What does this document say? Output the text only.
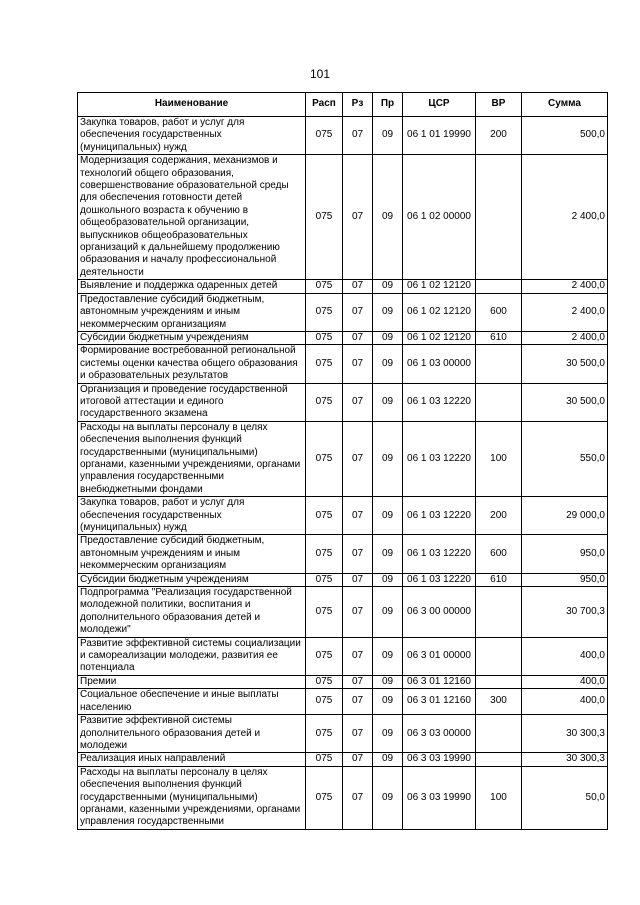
101
Наименование	Расп	Рз	Пр	ЦСР	ВР	Сумма
Закупка товаров, работ и услуг для обеспечения государственных (муниципальных) нужд	075	07	09	06 1 01 19990	200	500,0
Модернизация содержания, механизмов и технологий общего образования, совершенствование образовательной среды для обеспечения готовности детей дошкольного возраста к обучению в общеобразовательной организации, выпускников общеобразовательных организаций к дальнейшему продолжению образования и началу профессиональной деятельности	075	07	09	06 1 02 00000		2 400,0
Выявление и поддержка одаренных детей	075	07	09	06 1 02 12120		2 400,0
Предоставление субсидий бюджетным, автономным учреждениям и иным некоммерческим организациям	075	07	09	06 1 02 12120	600	2 400,0
Субсидии бюджетным учреждениям	075	07	09	06 1 02 12120	610	2 400,0
Формирование востребованной региональной системы оценки качества общего образования и образовательных результатов	075	07	09	06 1 03 00000		30 500,0
Организация и проведение государственной итоговой аттестации и единого государственного экзамена	075	07	09	06 1 03 12220		30 500,0
Расходы на выплаты персоналу в целях обеспечения выполнения функций государственными (муниципальными) органами, казенными учреждениями, органами управления государственными внебюджетными фондами	075	07	09	06 1 03 12220	100	550,0
Закупка товаров, работ и услуг для обеспечения государственных (муниципальных) нужд	075	07	09	06 1 03 12220	200	29 000,0
Предоставление субсидий бюджетным, автономным учреждениям и иным некоммерческим организациям	075	07	09	06 1 03 12220	600	950,0
Субсидии бюджетным учреждениям	075	07	09	06 1 03 12220	610	950,0
Подпрограмма "Реализация государственной молодежной политики, воспитания и дополнительного образования детей и молодежи"	075	07	09	06 3 00 00000		30 700,3
Развитие эффективной системы социализации и самореализации молодежи, развития ее потенциала	075	07	09	06 3 01 00000		400,0
Премии	075	07	09	06 3 01 12160		400,0
Социальное обеспечение и иные выплаты населению	075	07	09	06 3 01 12160	300	400,0
Развитие эффективной системы дополнительного образования детей и молодежи	075	07	09	06 3 03 00000		30 300,3
Реализация иных направлений	075	07	09	06 3 03 19990		30 300,3
Расходы на выплаты персоналу в целях обеспечения выполнения функций государственными (муниципальными) органами, казенными учреждениями, органами управления государственными	075	07	09	06 3 03 19990	100	50,0
